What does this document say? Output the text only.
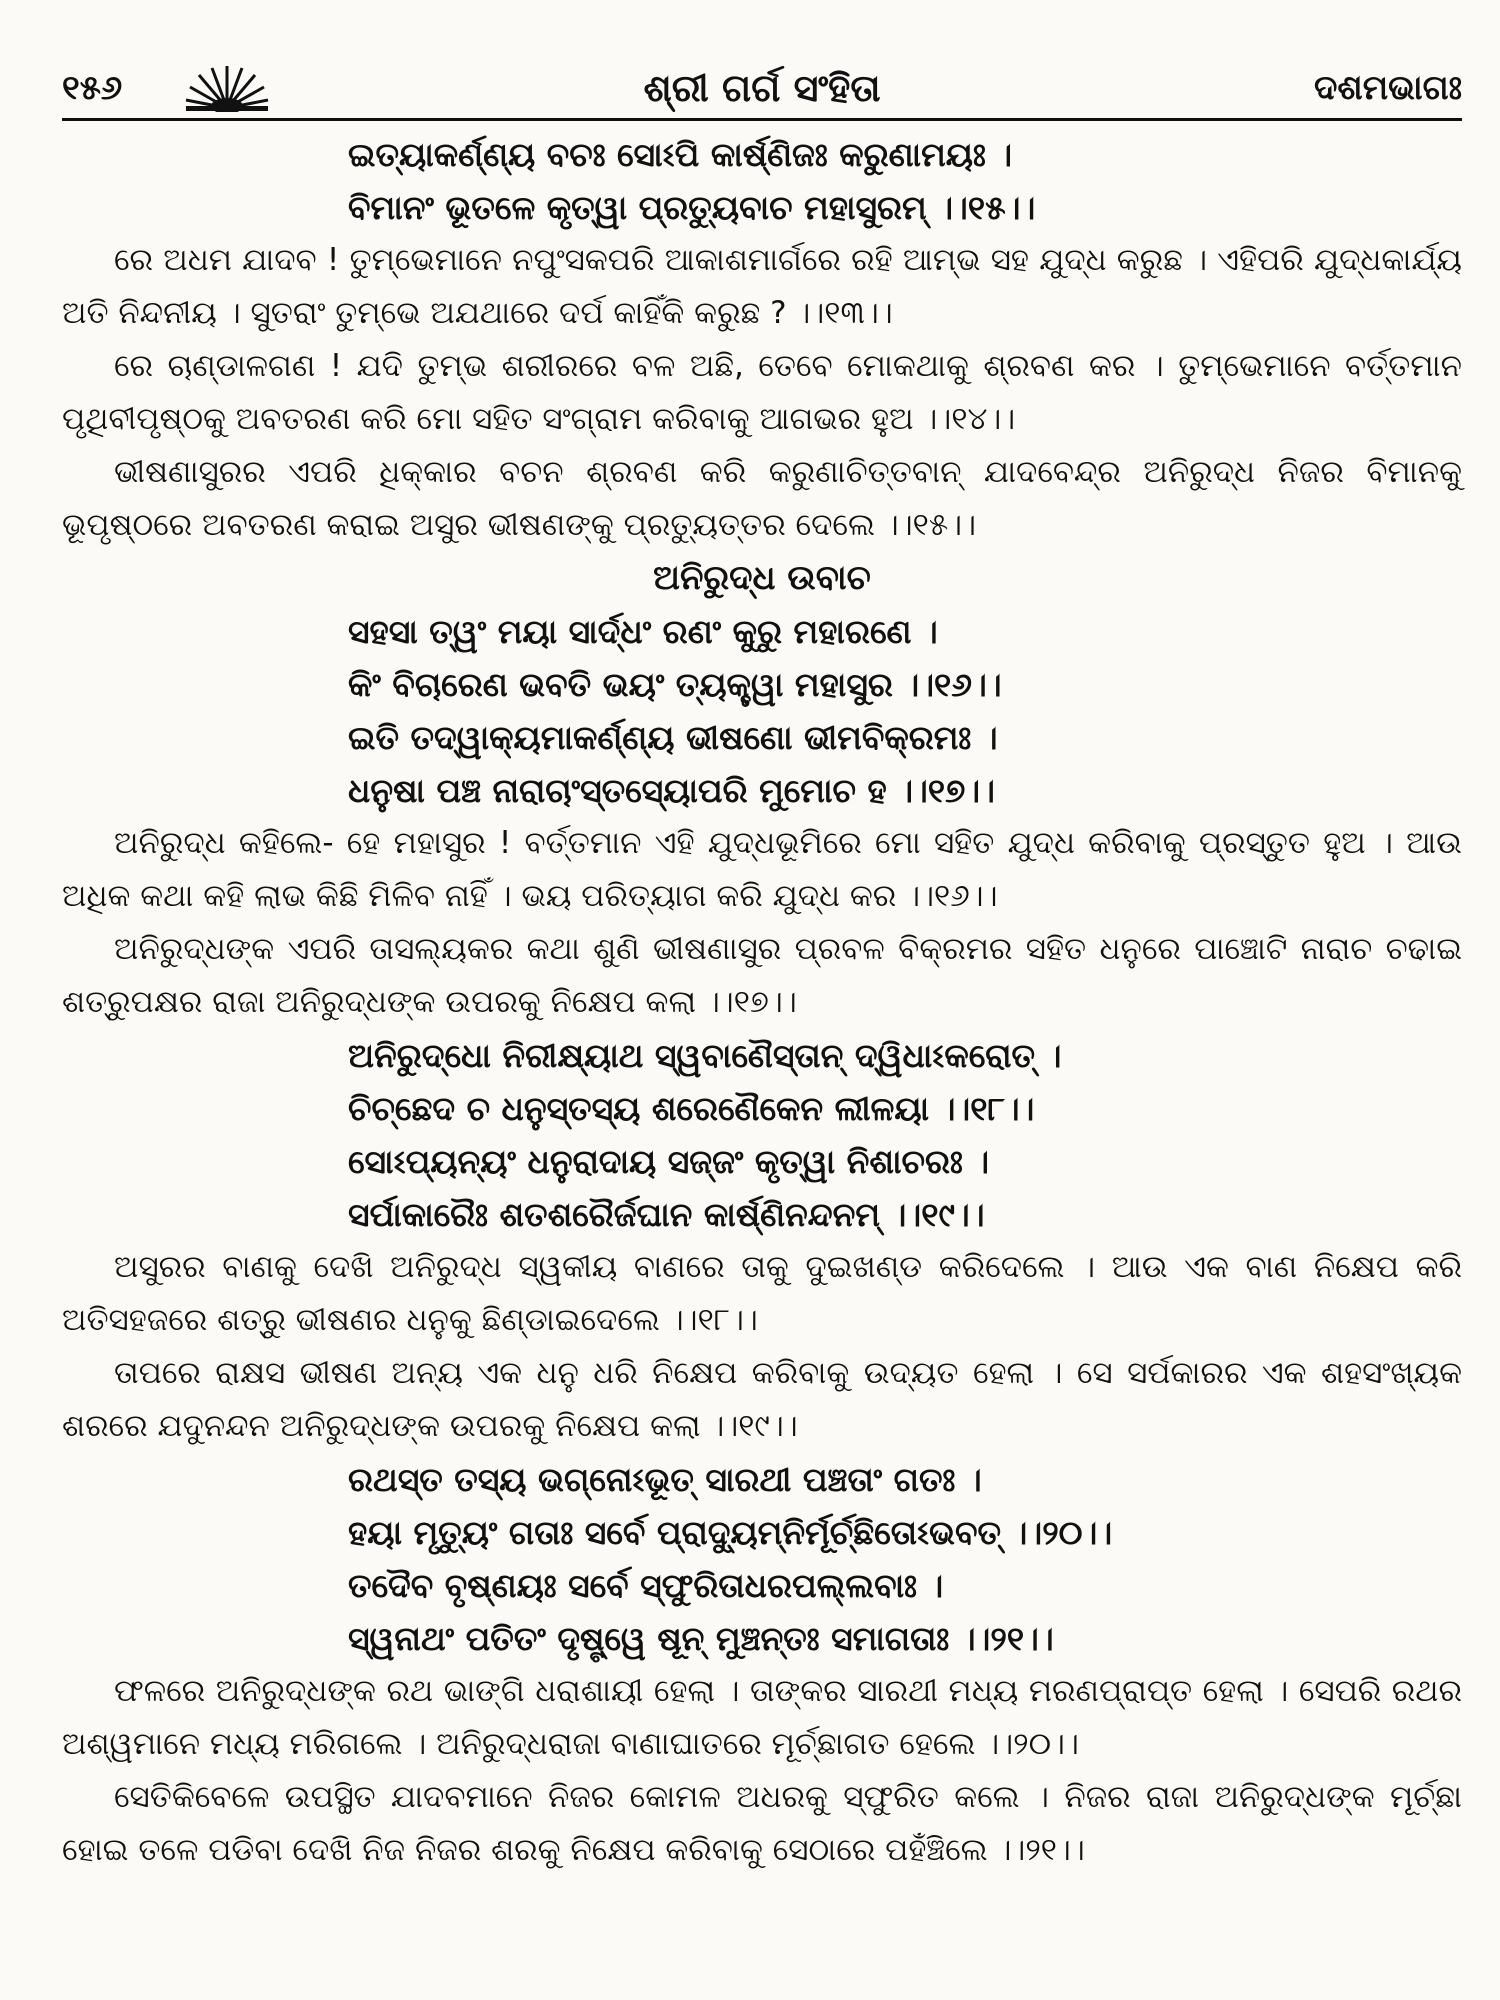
୧୫୬	ଶ୍ରୀ ଗର୍ଗ ସଂହିତା	ଦଶମଭାଗଃ
ଇତ୍ୟାକର୍ଣ୍ଣ୍ୟ ବଚଃ ସୋଽପି କାର୍ଷ୍ଣିଜଃ କରୁଣାମୟଃ ।
ବିମାନଂ ଭୂତଳେ କୃତ୍ୱା ପ୍ରତ୍ୟୁବାଚ ମହାସୁରମ୍ ।।୧୫।।

ରେ ଅଧମ ଯାଦବ ! ତୁମ୍ଭେମାନେ ନପୁଂସକପରି ଆକାଶମାର୍ଗରେ ରହି ଆମ୍ଭ ସହ ଯୁଦ୍ଧ କରୁଛ । ଏହିପରି ଯୁଦ୍ଧକାର୍ଯ୍ୟ ଅତି ନିନ୍ଦନୀୟ । ସୁତରାଂ ତୁମ୍ଭେ ଅଯଥାରେ ଦର୍ପ କାହିଁକି କରୁଛ ? ।।୧୩।।

ରେ ଚାଣ୍ଡାଳଗଣ ! ଯଦି ତୁମ୍ଭ ଶରୀରରେ ବଳ ଅଛି, ତେବେ ମୋକଥାକୁ ଶ୍ରବଣ କର । ତୁମ୍ଭେମାନେ ବର୍ତ୍ତମାନ ପୃଥିବୀପୃଷ୍ଠକୁ ଅବତରଣ କରି ମୋ ସହିତ ସଂଗ୍ରାମ କରିବାକୁ ଆଗଭର ହୁଅ ।।୧୪।।

ଭୀଷଣାସୁରର ଏପରି ଧିକ୍କାର ବଚନ ଶ୍ରବଣ କରି କରୁଣାଚିତ୍ତବାନ୍ ଯାଦବେନ୍ଦ୍ର ଅନିରୁଦ୍ଧ ନିଜର ବିମାନକୁ ଭୂପୃଷ୍ଠରେ ଅବତରଣ କରାଇ ଅସୁର ଭୀଷଣଙ୍କୁ ପ୍ରତ୍ୟୁତ୍ତର ଦେଲେ ।।୧୫।।

ଅନିରୁଦ୍ଧ ଉବାଚ
ସହସା ତ୍ୱଂ ମୟା ସାର୍ଦ୍ଧଂ ରଣଂ କୁରୁ ମହାରଣେ ।
କିଂ ବିଚାରେଣ ଭବତି ଭୟଂ ତ୍ୟକ୍ତ୍ୱା ମହାସୁର ।।୧୬।।
ଇତି ତଦ୍ୱାକ୍ୟମାକର୍ଣ୍ଣ୍ୟ ଭୀଷଣୋ ଭୀମବିକ୍ରମଃ ।
ଧନୁଷା ପଞ୍ଚ ନାରାଚାଂସ୍ତସ୍ୟୋପରି ମୁମୋଚ ହ ।।୧୭।।

ଅନିରୁଦ୍ଧ କହିଲେ- ହେ ମହାସୁର ! ବର୍ତ୍ତମାନ ଏହି ଯୁଦ୍ଧଭୂମିରେ ମୋ ସହିତ ଯୁଦ୍ଧ କରିବାକୁ ପ୍ରସ୍ତୁତ ହୁଅ । ଆଉ ଅଧିକ କଥା କହି ଲାଭ କିଛି ମିଳିବ ନାହିଁ । ଭୟ ପରିତ୍ୟାଗ କରି ଯୁଦ୍ଧ କର ।।୧୬।।

ଅନିରୁଦ୍ଧଙ୍କ ଏପରି ତାସଲ୍ୟକର କଥା ଶୁଣି ଭୀଷଣାସୁର ପ୍ରବଳ ବିକ୍ରମର ସହିତ ଧନୁରେ ପାଞ୍ଚୋଟି ନାରାଚ ଚଢାଇ ଶତ୍ରୁପକ୍ଷର ରାଜା ଅନିରୁଦ୍ଧଙ୍କ ଉପରକୁ ନିକ୍ଷେପ କଲା ।।୧୭।।

ଅନିରୁଦ୍ଧୋ ନିରୀକ୍ଷ୍ୟାଥ ସ୍ୱବାଣୈସ୍ତାନ୍ ଦ୍ୱିଧାଽକରୋତ୍ ।
ଚିଚ୍ଛେଦ ଚ ଧନୁସ୍ତସ୍ୟ ଶରେଣୈକେନ ଲୀଳୟା ।।୧୮।।
ସୋଽପ୍ୟନ୍ୟଂ ଧନୁରାଦାୟ ସଜ୍ଜଂ କୃତ୍ୱା ନିଶାଚରଃ ।
ସର୍ପାକାରୈଃ ଶତଶରୈର୍ଜଘାନ କାର୍ଷ୍ଣିନନ୍ଦନମ୍ ।।୧୯।।

ଅସୁରର ବାଣକୁ ଦେଖି ଅନିରୁଦ୍ଧ ସ୍ୱକୀୟ ବାଣରେ ତାକୁ ଦୁଇଖଣ୍ଡ କରିଦେଲେ । ଆଉ ଏକ ବାଣ ନିକ୍ଷେପ କରି ଅତିସହଜରେ ଶତ୍ରୁ ଭୀଷଣର ଧନୁକୁ ଛିଣ୍ଡାଇଦେଲେ ।।୧୮।।

ତାପରେ ରାକ୍ଷସ ଭୀଷଣ ଅନ୍ୟ ଏକ ଧନୁ ଧରି ନିକ୍ଷେପ କରିବାକୁ ଉଦ୍ୟତ ହେଲା । ସେ ସର୍ପକାରର ଏକ ଶହସଂଖ୍ୟକ ଶରରେ ଯଦୁନନ୍ଦନ ଅନିରୁଦ୍ଧଙ୍କ ଉପରକୁ ନିକ୍ଷେପ କଲା ।।୧୯।।

ରଥସ୍ତ ତସ୍ୟ ଭଗ୍ନୋଽଭୂତ୍ ସାରଥୀ ପଞ୍ଚତାଂ ଗତଃ ।
ହୟା ମୃତ୍ୟୁଂ ଗତାଃ ସର୍ବେ ପ୍ରାଦ୍ୟୁମ୍ନିର୍ମୂର୍ଚ୍ଛିତୋଽଭବତ୍ ।।୨୦।।
ତଦୈବ ବୃଷ୍ଣୟଃ ସର୍ବେ ସ୍ଫୁରିତାଧରପଲ୍ଲବାଃ ।
ସ୍ୱନାଥଂ ପତିତଂ ଦୃଷ୍ଟ୍ୱେ ଷୂନ୍ ମୁଞ୍ଚନ୍ତଃ ସମାଗତାଃ ।।୨୧।।

ଫଳରେ ଅନିରୁଦ୍ଧଙ୍କ ରଥ ଭାଙ୍ଗି ଧରାଶାୟୀ ହେଲା । ତାଙ୍କର ସାରଥୀ ମଧ୍ୟ ମରଣପ୍ରାପ୍ତ ହେଲା । ସେପରି ରଥର ଅଶ୍ୱମାନେ ମଧ୍ୟ ମରିଗଲେ । ଅନିରୁଦ୍ଧରାଜା ବାଣାଘାତରେ ମୂର୍ଚ୍ଛାଗତ ହେଲେ ।।୨୦।।

ସେତିକିବେଳେ ଉପସ୍ଥିତ ଯାଦବମାନେ ନିଜର କୋମଳ ଅଧରକୁ ସ୍ଫୁରିତ କଲେ । ନିଜର ରାଜା ଅନିରୁଦ୍ଧଙ୍କ ମୂର୍ଚ୍ଛା ହୋଇ ତଳେ ପଡିବା ଦେଖି ନିଜ ନିଜର ଶରକୁ ନିକ୍ଷେପ କରିବାକୁ ସେଠାରେ ପହଁଞ୍ଚିଲେ ।।୨୧।।
